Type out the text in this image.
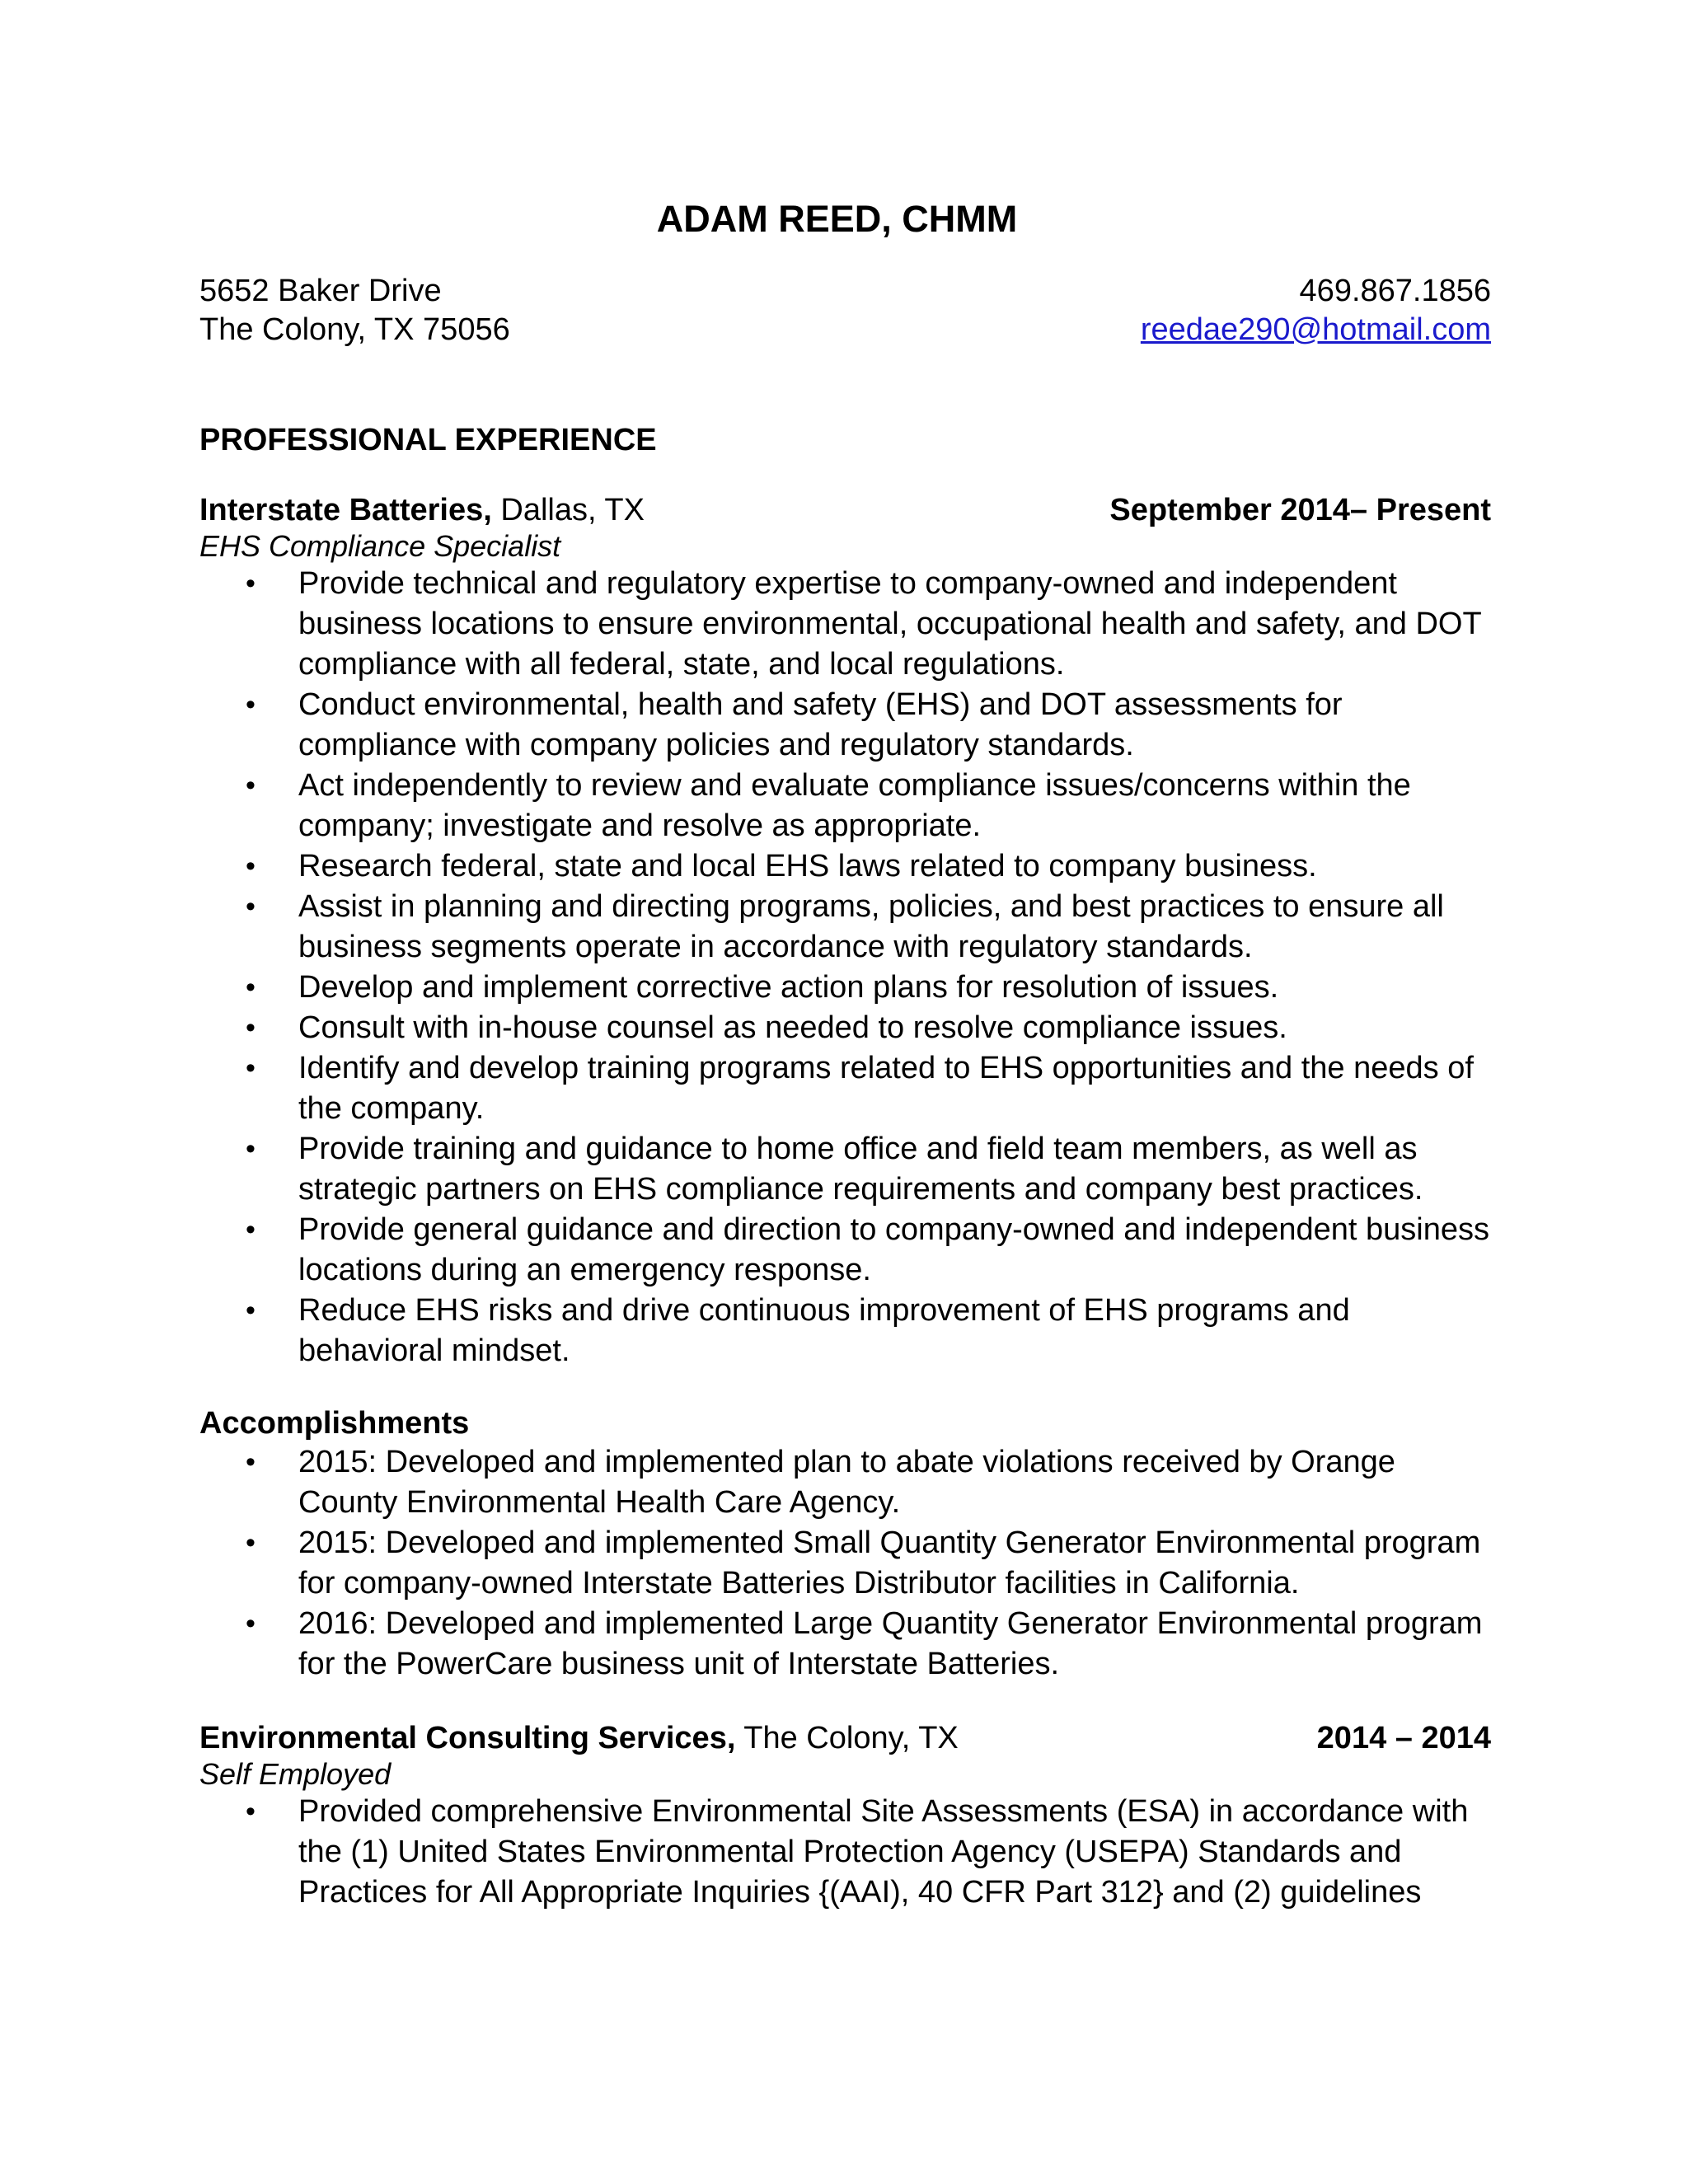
ADAM REED, CHMM
5652 Baker Drive
The Colony, TX 75056
469.867.1856
reedae290@hotmail.com
PROFESSIONAL EXPERIENCE
Interstate Batteries, Dallas, TX	September 2014– Present
EHS Compliance Specialist
• Provide technical and regulatory expertise to company-owned and independent business locations to ensure environmental, occupational health and safety, and DOT compliance with all federal, state, and local regulations.
• Conduct environmental, health and safety (EHS) and DOT assessments for compliance with company policies and regulatory standards.
• Act independently to review and evaluate compliance issues/concerns within the company; investigate and resolve as appropriate.
• Research federal, state and local EHS laws related to company business.
• Assist in planning and directing programs, policies, and best practices to ensure all business segments operate in accordance with regulatory standards.
• Develop and implement corrective action plans for resolution of issues.
• Consult with in-house counsel as needed to resolve compliance issues.
• Identify and develop training programs related to EHS opportunities and the needs of the company.
• Provide training and guidance to home office and field team members, as well as strategic partners on EHS compliance requirements and company best practices.
• Provide general guidance and direction to company-owned and independent business locations during an emergency response.
• Reduce EHS risks and drive continuous improvement of EHS programs and behavioral mindset.
Accomplishments
• 2015: Developed and implemented plan to abate violations received by Orange County Environmental Health Care Agency.
• 2015: Developed and implemented Small Quantity Generator Environmental program for company-owned Interstate Batteries Distributor facilities in California.
• 2016: Developed and implemented Large Quantity Generator Environmental program for the PowerCare business unit of Interstate Batteries.
Environmental Consulting Services, The Colony, TX	2014 – 2014
Self Employed
• Provided comprehensive Environmental Site Assessments (ESA) in accordance with the (1) United States Environmental Protection Agency (USEPA) Standards and Practices for All Appropriate Inquiries {(AAI), 40 CFR Part 312} and (2) guidelines
